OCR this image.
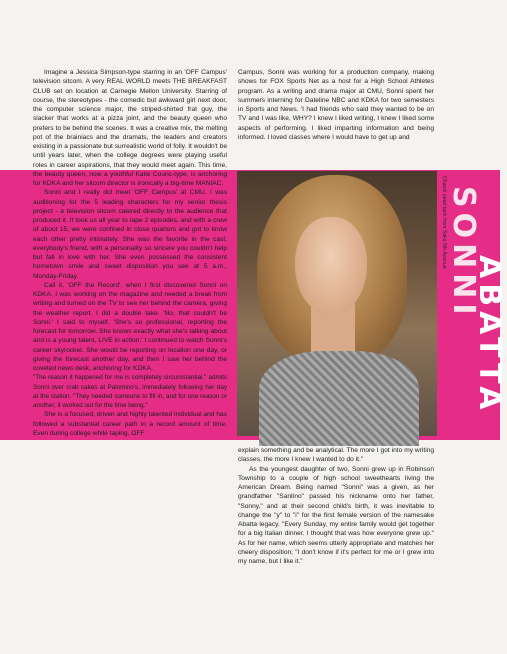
Imagine a Jessica Simpson-type starring in an 'OFF Campus' television sitcom. A very REAL WORLD meets THE BREAKFAST CLUB set on location at Carnegie Mellon University. Starring of course, the stereotypes - the comedic but awkward girl next door, the computer science major, the striped-shirted frat guy, the slacker that works at a pizza joint, and the beauty queen who prefers to be behind the scenes. It was a creative mix, the melting pot of the brainiacs and the dramats, the leaders and creators existing in a passionate but surrealistic world of folly. It wouldn't be until years later, when the college degrees were playing useful roles in career aspirations, that they would meet again. This time, the beauty queen, now a youthful Katie Couric-type, is anchoring for KDKA and her sitcom director is ironically a big-time MANIAC.

Sonni and I really did meet 'OFF Campus' at CMU. I was auditioning for the 5 leading characters for my senior thesis project - a television sitcom catered directly to the audience that produced it. It took us all year to tape 2 episodes, and with a crew of about 15, we were confined in close quarters and got to know each other pretty intimately. She was the favorite in the cast, everybody's friend, with a personality so sincere you couldn't help but fall in love with her. She even possessed the consistent hometown smile and sweet disposition you see at 5 a.m., Monday-Friday.

Call it, 'OFF the Record', when I first discovered Sonni on KDKA. I was working on the magazine and needed a break from writing and turned on the TV to see her behind the camera, giving the weather report. I did a double take. 'No, that couldn't be Sonni.' I said to myself. 'She's so professional, reporting the forecast for tomorrow. She knows exactly what she's talking about and is a young talent, LIVE in action.' I continued to watch Sonni's career skyrocket. She would be reporting on location one day, or giving the forecast another day, and then I saw her behind the coveted news desk, anchoring for KDKA.

"The reason it happened for me is completely circumstantial," admits Sonni over crab cakes at Palomino's, immediately following her day at the station. "They needed someone to fill in, and for one reason or another, it worked out for the time being."

She is a focused, driven and highly talented individual and has followed a substantial career path in a record amount of time. Even during college while taping, OFF

Campus, Sonni was working for a production company, making shows for FOX Sports Net as a host for a High School Athletes program. As a writing and drama major at CMU, Sonni spent her summers interning for Dateline NBC and KDKA for two semesters in Sports and News. 'I had friends who said they wanted to be on TV and I was like, WHY? I knew I liked writing, I knew I liked some aspects of performing. I liked imparting information and being informed. I loved classes where I would have to get up and

Chanel pearl tank from Saks 5th Avenue SONNI
ABATTA

explain something and be analytical. The more I got into my writing classes, the more I knew I wanted to do it."

As the youngest daughter of two, Sonni grew up in Robinson Township to a couple of high school sweethearts living the American Dream. Being named "Sonni" was a given, as her grandfather "Santino" passed his nickname onto her father, "Sonny," and at their second child's birth, it was inevitable to change the "y" to "i" for the first female version of the namesake Abatta legacy. "Every Sunday, my entire family would get together for a big Italian dinner. I thought that was how everyone grew up." As for her name, which seems utterly appropriate and matches her cheery disposition, "I don't know if it's perfect for me or I grew into my name, but I like it."
